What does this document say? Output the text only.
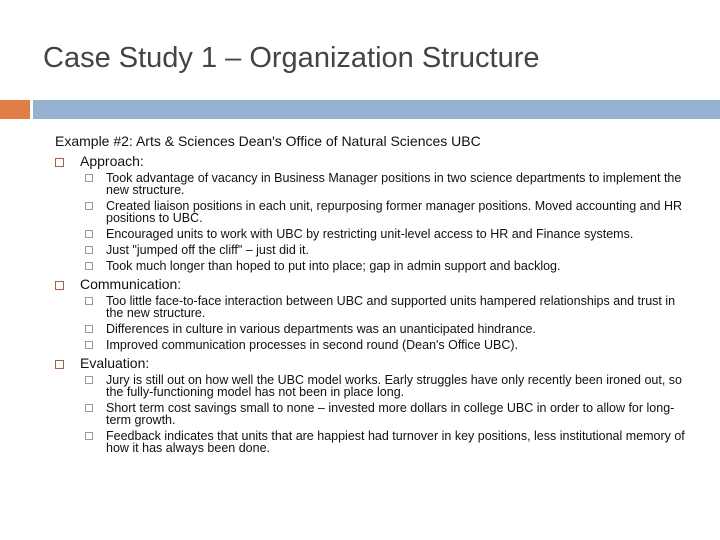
Case Study 1 – Organization Structure
Example #2: Arts & Sciences Dean's Office of Natural Sciences UBC
Approach:
Took advantage of vacancy in Business Manager positions in two science departments to implement the new structure.
Created liaison positions in each unit, repurposing former manager positions. Moved accounting and HR positions to UBC.
Encouraged units to work with UBC by restricting unit-level access to HR and Finance systems.
Just "jumped off the cliff" – just did it.
Took much longer than hoped to put into place; gap in admin support and backlog.
Communication:
Too little face-to-face interaction between UBC and supported units hampered relationships and trust in the new structure.
Differences in culture in various departments was an unanticipated hindrance.
Improved communication processes in second round (Dean's Office UBC).
Evaluation:
Jury is still out on how well the UBC model works. Early struggles have only recently been ironed out, so the fully-functioning model has not been in place long.
Short term cost savings small to none – invested more dollars in college UBC in order to allow for long-term growth.
Feedback indicates that units that are happiest had turnover in key positions, less institutional memory of how it has always been done.
